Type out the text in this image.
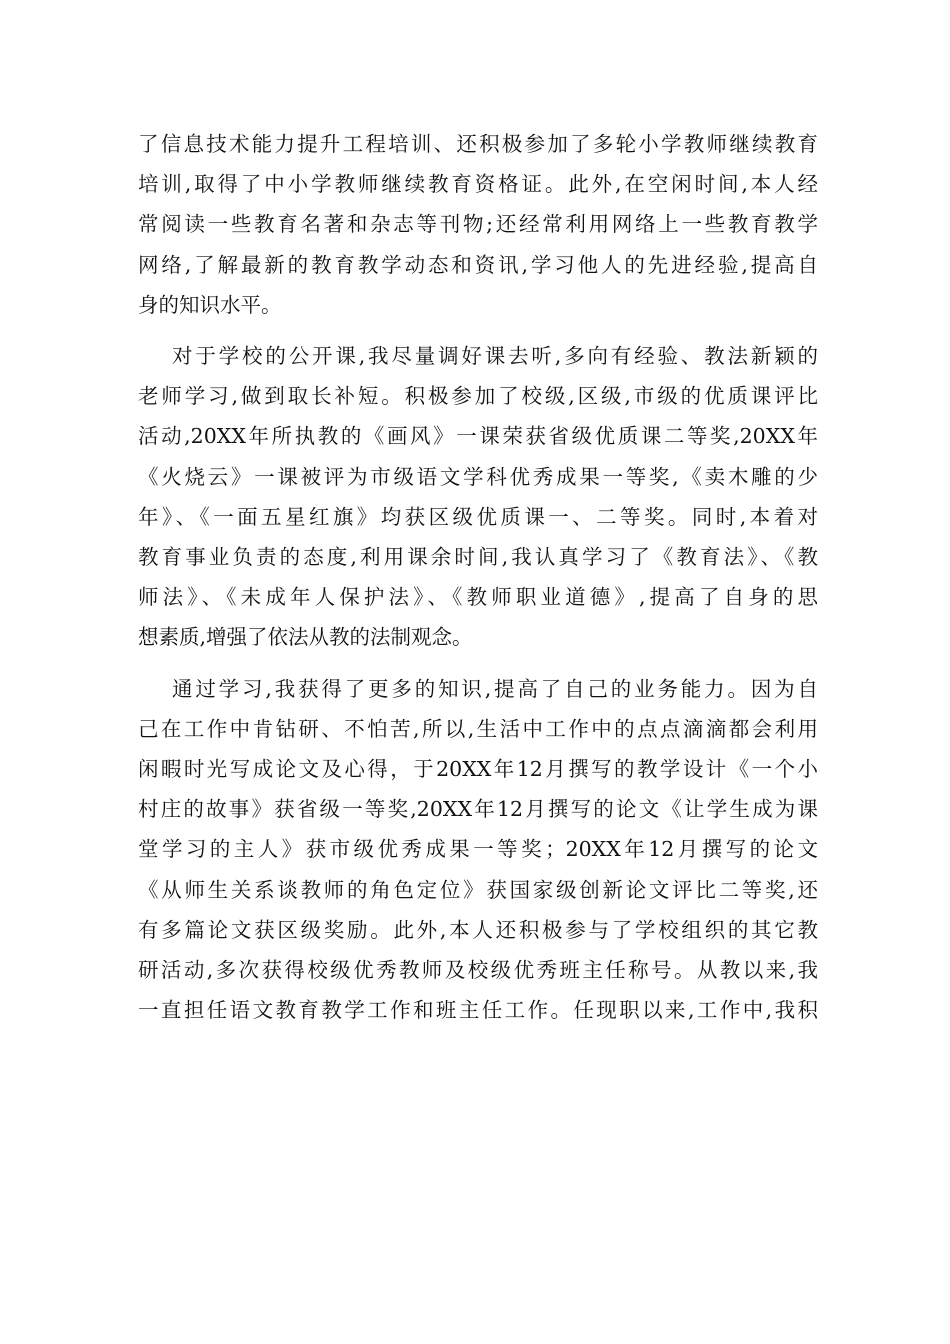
了信息技术能力提升工程培训、还积极参加了多轮小学教师继续教育
培训,取得了中小学教师继续教育资格证。此外,在空闲时间,本人经
常阅读一些教育名著和杂志等刊物;还经常利用网络上一些教育教学
网络,了解最新的教育教学动态和资讯,学习他人的先进经验,提高自
身的知识水平。
对于学校的公开课,我尽量调好课去听,多向有经验、教法新颖的
老师学习,做到取长补短。积极参加了校级,区级,市级的优质课评比
活动,20XX年所执教的《画风》一课荣获省级优质课二等奖,20XX年
《火烧云》一课被评为市级语文学科优秀成果一等奖,《卖木雕的少
年》、《一面五星红旗》均获区级优质课一、二等奖。同时,本着对
教育事业负责的态度,利用课余时间,我认真学习了《教育法》、《教
师法》、《未成年人保护法》、《教师职业道德》,提高了自身的思
想素质,增强了依法从教的法制观念。
通过学习,我获得了更多的知识,提高了自己的业务能力。因为自
己在工作中肯钻研、不怕苦,所以,生活中工作中的点点滴滴都会利用
闲暇时光写成论文及心得，于20XX年12月撰写的教学设计《一个小
村庄的故事》获省级一等奖,20XX年12月撰写的论文《让学生成为课
堂学习的主人》获市级优秀成果一等奖；20XX年12月撰写的论文
《从师生关系谈教师的角色定位》获国家级创新论文评比二等奖,还
有多篇论文获区级奖励。此外,本人还积极参与了学校组织的其它教
研活动,多次获得校级优秀教师及校级优秀班主任称号。从教以来,我
一直担任语文教育教学工作和班主任工作。任现职以来,工作中,我积
